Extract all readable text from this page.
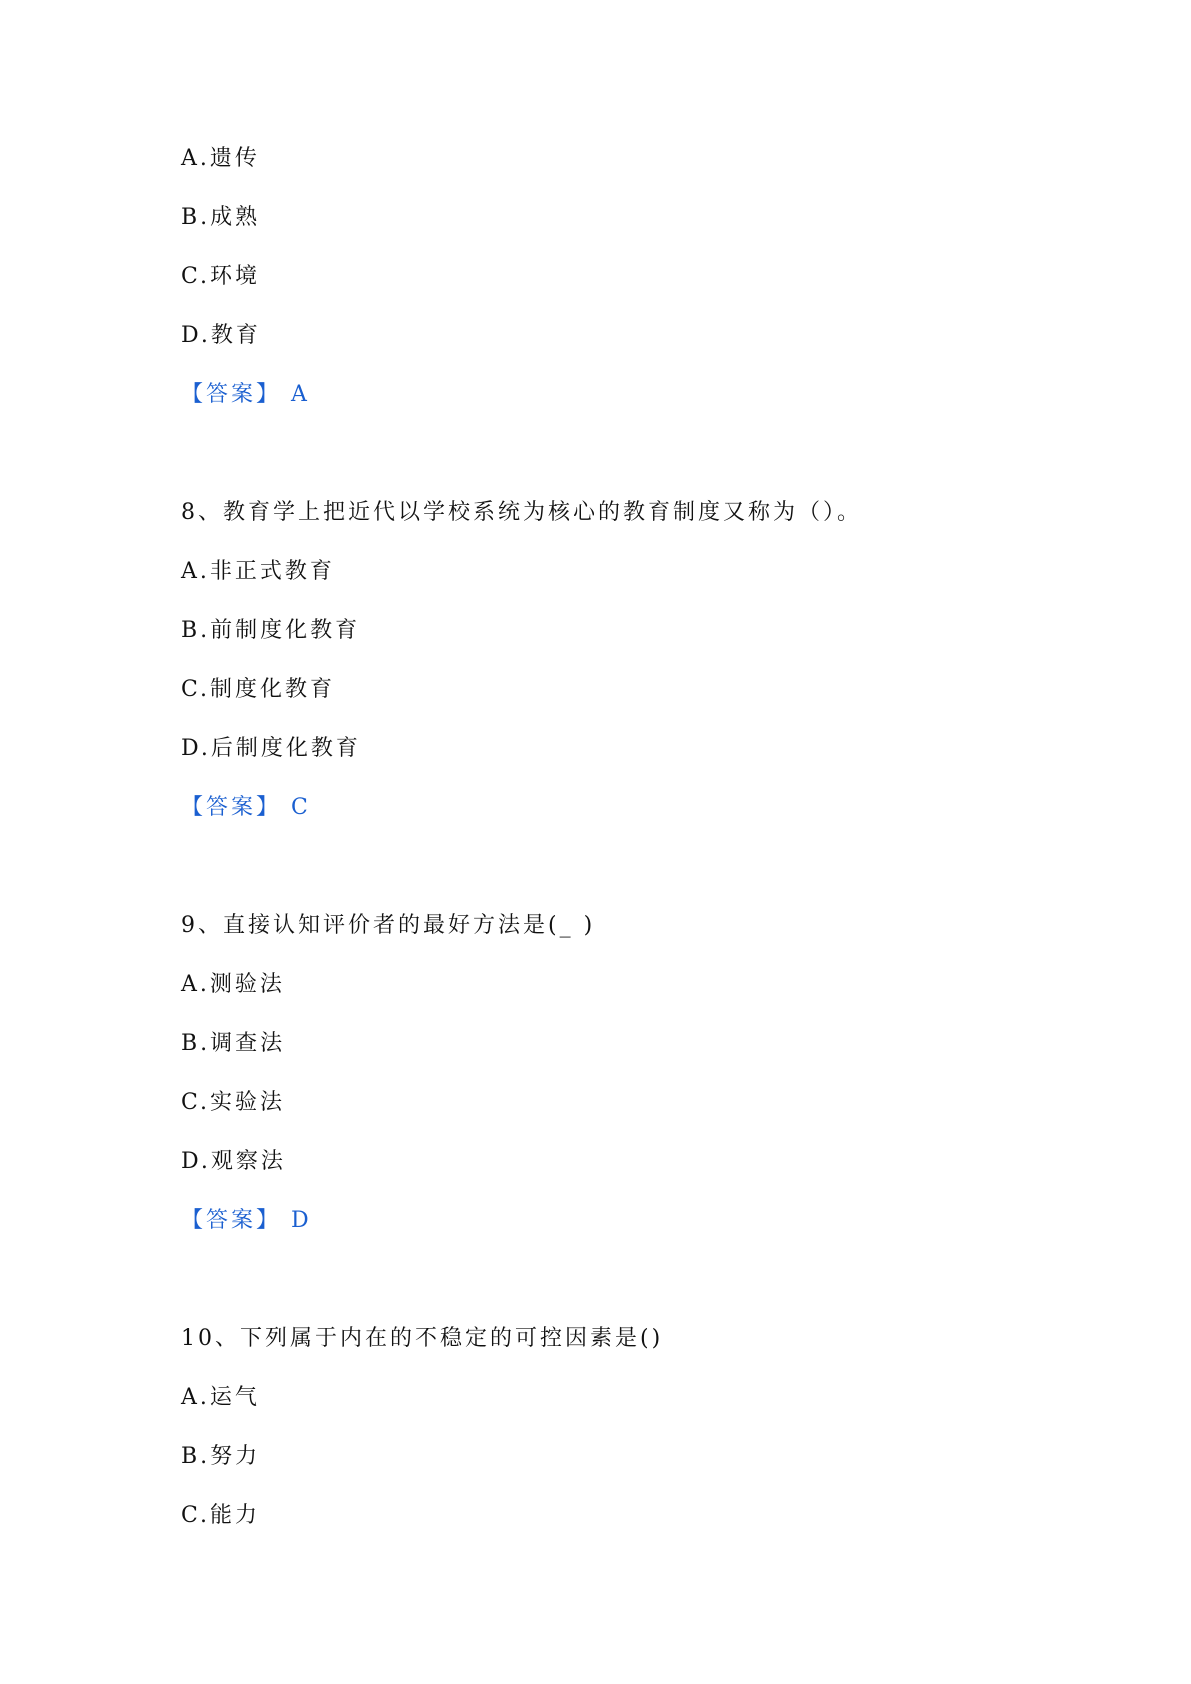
A.遗传
B.成熟
C.环境
D.教育
【答案】 A
8、教育学上把近代以学校系统为核心的教育制度又称为（）。
A.非正式教育
B.前制度化教育
C.制度化教育
D.后制度化教育
【答案】 C
9、直接认知评价者的最好方法是(_ )
A.测验法
B.调查法
C.实验法
D.观察法
【答案】 D
10、下列属于内在的不稳定的可控因素是()
A.运气
B.努力
C.能力
